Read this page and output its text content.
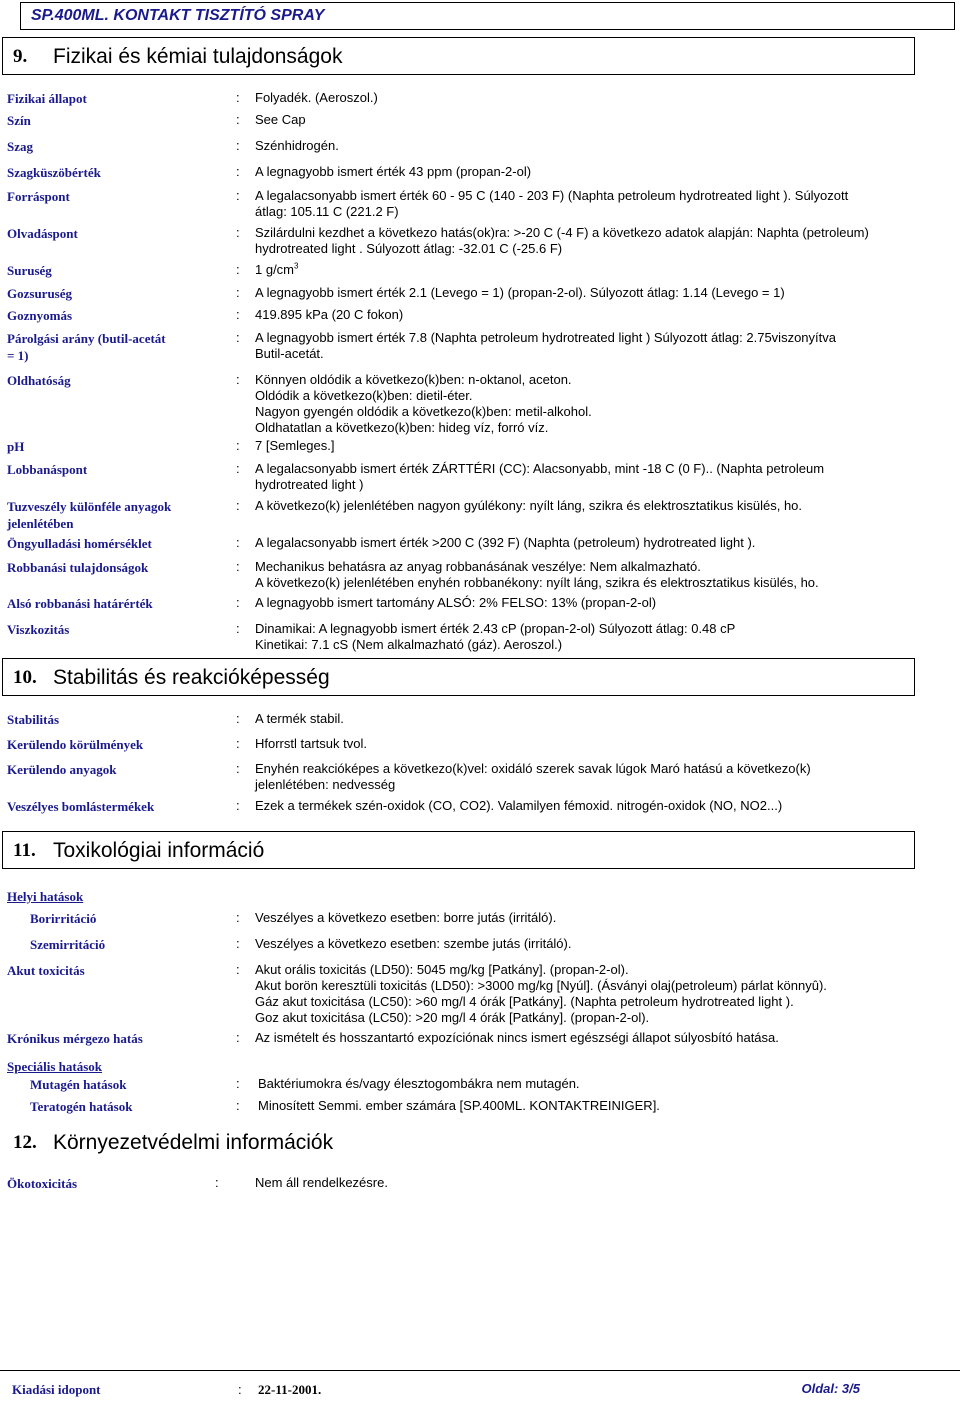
SP.400ML. KONTAKT TISZTÍTÓ SPRAY
9. Fizikai és kémiai tulajdonságok
Fizikai állapot	: Folyadék. (Aeroszol.)
Szín	: See Cap
Szag	: Szénhidrogén.
Szagküszöbérték	: A legnagyobb ismert érték 43 ppm (propan-2-ol)
Forráspont	: A legalacsonyabb ismert érték 60 - 95 C (140 - 203 F) (Naphta petroleum hydrotreated light ). Súlyozott
átlag: 105.11 C (221.2 F)
Olvadáspont	: Szilárdulni kezdhet a következo hatás(ok)ra: >-20 C (-4 F) a következo adatok alapján: Naphta (petroleum)
hydrotreated light . Súlyozott átlag: -32.01 C (-25.6 F)
Suruség	: 1 $g/cm^3$
Gozsuruség	: A legnagyobb ismert érték 2.1 (Levego = 1) (propan-2-ol). Súlyozott átlag: 1.14 (Levego = 1)
Goznyomás	: 419.895 kPa (20 C fokon)
Párolgási arány (butil-acetát
= 1)
: A legnagyobb ismert érték 7.8 (Naphta petroleum hydrotreated light ) Súlyozott átlag: 2.75viszonyítva
Butil-acetát.
Oldhatóság	: Könnyen oldódik a következo(k)ben: n-oktanol, aceton.
Oldódik a következo(k)ben: dietil-éter.
Nagyon gyengén oldódik a következo(k)ben: metil-alkohol.
Oldhatatlan a következo(k)ben: hideg víz, forró víz.
pH	: 7 [Semleges.]
Lobbanáspont	: A legalacsonyabb ismert érték ZÁRTTÉRI (CC): Alacsonyabb, mint -18 C (0 F).. (Naphta petroleum
hydrotreated light )
Tuzveszély különféle anyagok
jelenlétében
: A következo(k) jelenlétében nagyon gyúlékony: nyílt láng, szikra és elektrosztatikus kisülés, ho.
Öngyulladási homérséklet	: A legalacsonyabb ismert érték >200 C (392 F) (Naphta (petroleum) hydrotreated light ).
Robbanási tulajdonságok	: Mechanikus behatásra az anyag robbanásának veszélye: Nem alkalmazható.
A következo(k) jelenlétében enyhén robbanékony: nyílt láng, szikra és elektrosztatikus kisülés, ho.
Alsó robbanási határérték	: A legnagyobb ismert tartomány ALSÓ: 2% FELSO: 13% (propan-2-ol)
Viszkozitás	: Dinamikai: A legnagyobb ismert érték 2.43 cP (propan-2-ol) Súlyozott átlag: 0.48 cP
Kinetikai: 7.1 cS (Nem alkalmazható (gáz). Aeroszol.)
10. Stabilitás és reakcióképesség
Stabilitás	: A termék stabil.
Kerülendo körülmények	: Hforrstl tartsuk tvol.
Kerülendo anyagok	: Enyhén reakcióképes a következo(k)vel: oxidáló szerek savak lúgok Maró hatású a következo(k)
jelenlétében: nedvesség
Veszélyes bomlástermékek	: Ezek a termékek szén-oxidok (CO, CO2). Valamilyen fémoxid. nitrogén-oxidok (NO, NO2...)
11. Toxikológiai információ
Helyi hatások
Borirritáció	: Veszélyes a következo esetben: borre jutás (irritáló).
Szemirritáció	: Veszélyes a következo esetben: szembe jutás (irritáló).
Akut toxicitás	: Akut orális toxicitás (LD50): 5045 mg/kg [Patkány]. (propan-2-ol).
Akut borön keresztüli toxicitás (LD50): >3000 mg/kg [Nyúl]. (Ásványi olaj(petroleum) párlat könnyû).
Gáz akut toxicitása (LC50): >60 mg/l 4 órák [Patkány]. (Naphta petroleum hydrotreated light ).
Goz akut toxicitása (LC50): >20 mg/l 4 órák [Patkány]. (propan-2-ol).
Krónikus mérgezo hatás	: Az ismételt és hosszantartó expozíciónak nincs ismert egészségi állapot súlyosbító hatása.
Speciális hatások
Mutagén hatások	: Baktériumokra és/vagy élesztogombákra nem mutagén.
Teratogén hatások	: Minosített Semmi. ember számára [SP.400ML. KONTAKTREINIGER].
12. Környezetvédelmi információk
Ökotoxicitás	:	Nem áll rendelkezésre.
Kiadási idopont	: 22-11-2001.	Oldal: 3/5
